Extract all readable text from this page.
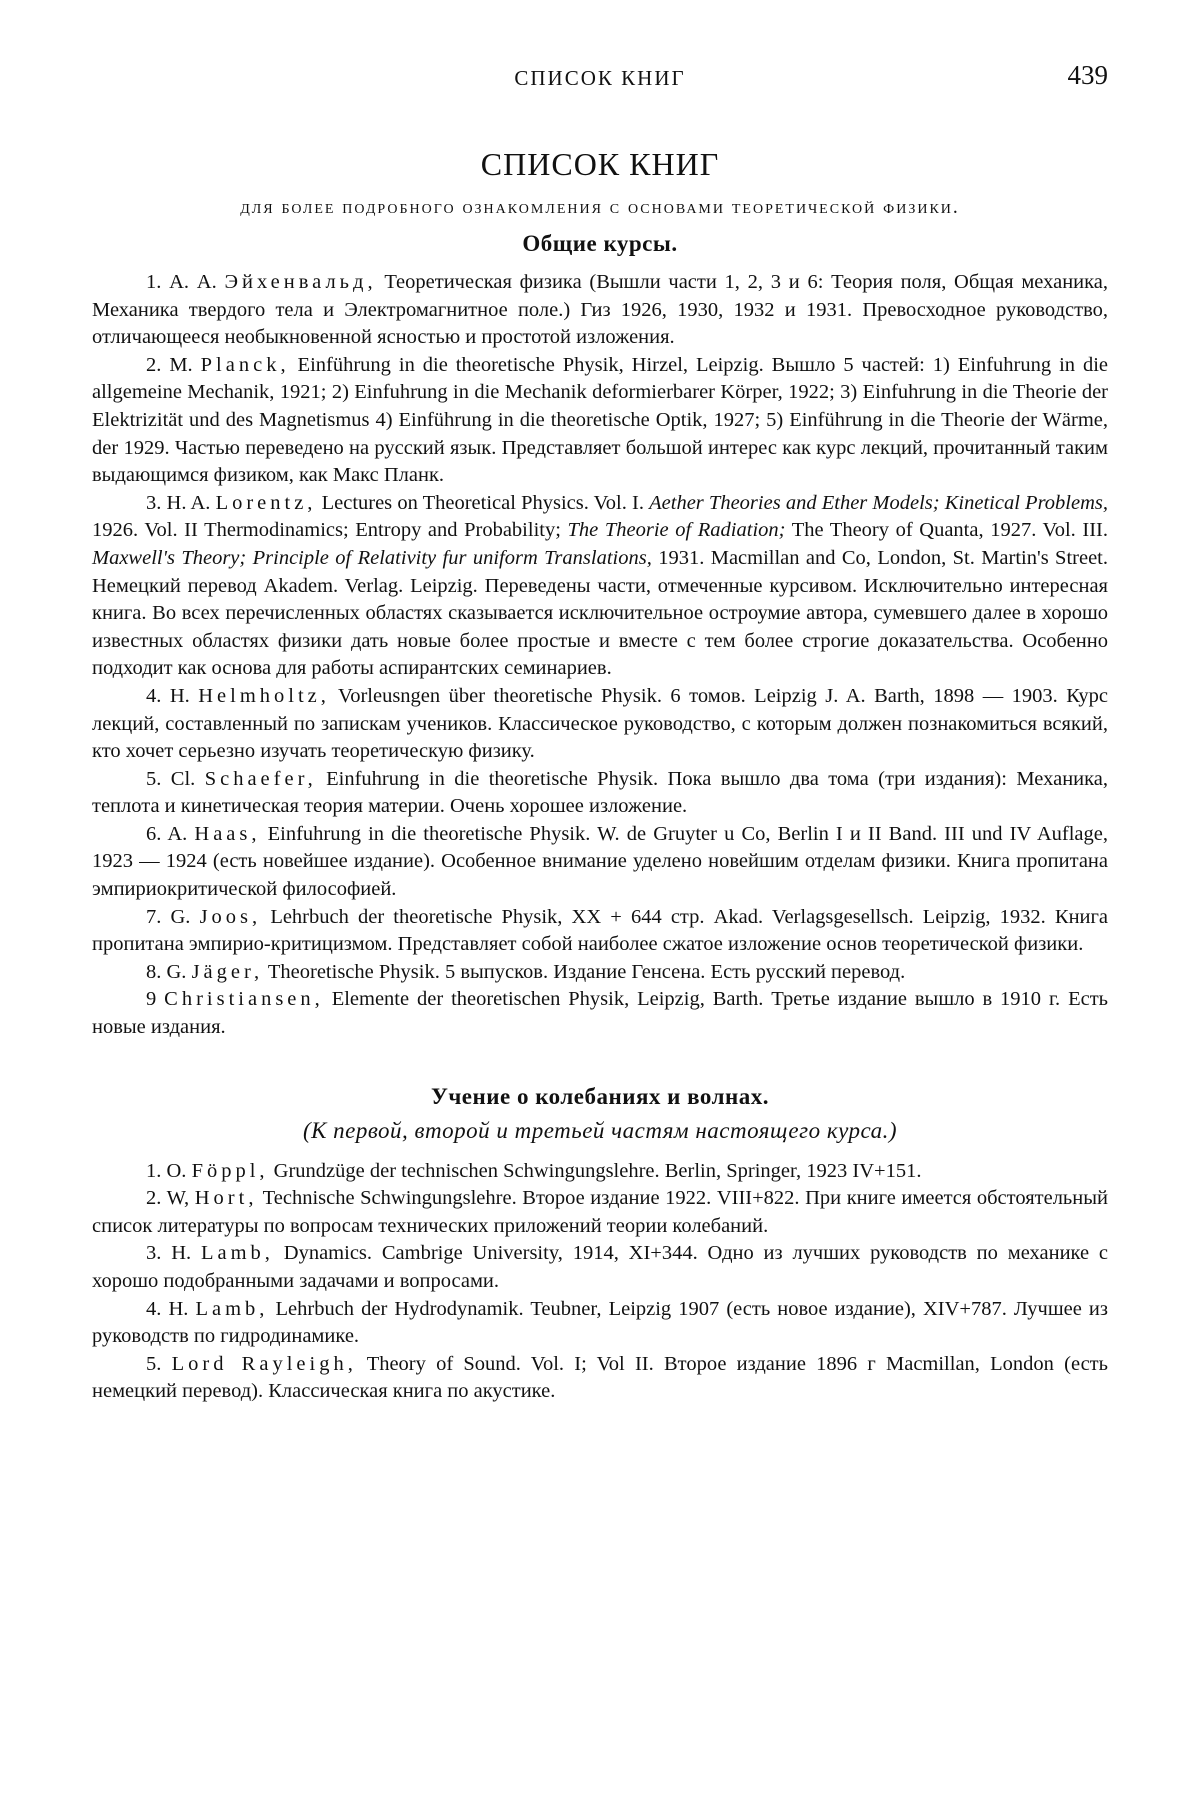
СПИСОК КНИГ	439
СПИСОК КНИГ
для более подробного ознакомления с основами теоретической физики.
Общие курсы.

1. А. А. Эйхенвальд, Теоретическая физика (Вышли части 1, 2, 3 и 6: Теория поля, Общая механика, Механика твердого тела и Электромагнитное поле.) Гиз 1926, 1930, 1932 и 1931. Превосходное руководство, отличающееся необыкновенной ясностью и простотой изложения.

2. М. Planck, Einführung in die theoretische Physik, Hirzel, Leipzig. Вышло 5 частей: 1) Einfuhrung in die allgemeine Mechanik, 1921; 2) Einfuhrung in die Mechanik deformierbarer Körper, 1922; 3) Einfuhrung in die Theorie der Elektrizität und des Magnetismus 4) Einführung in die theoretische Optik, 1927; 5) Einführung in die Theorie der Wärme, der 1929. Частью переведено на русский язык. Представляет большой интерес как курс лекций, прочитанный таким выдающимся физиком, как Макс Планк.

3. H. A. Lorentz, Lectures on Theoretical Physics. Vol. I. Aether Theories and Ether Models; Kinetical Problems, 1926. Vol. II Thermodinamics; Entropy and Probability; The Theorie of Radiation; The Theory of Quanta, 1927. Vol. III. Maxwell's Theory; Principle of Relativity fur uniform Translations, 1931. Macmillan and Co, London, St. Martin's Street. Немецкий перевод Akadem. Verlag. Leipzig. Переведены части, отмеченные курсивом. Исключительно интересная книга. Во всех перечисленных областях сказывается исключительное остроумие автора, сумевшего далее в хорошо известных областях физики дать новые более простые и вместе с тем более строгие доказательства. Особенно подходит как основа для работы аспирантских семинариев.

4. H. Helmholtz, Vorleusngen über theoretische Physik. 6 томов. Leipzig J. A. Barth, 1898 — 1903. Курс лекций, составленный по запискам учеников. Классическое руководство, с которым должен познакомиться всякий, кто хочет серьезно изучать теоретическую физику.

5. Cl. Schaefer, Einfuhrung in die theoretische Physik. Пока вышло два тома (три издания): Механика, теплота и кинетическая теория материи. Очень хорошее изложение.

6. A. Haas, Einfuhrung in die theoretische Physik. W. de Gruyter u Co, Berlin I и II Band. III und IV Auflage, 1923 — 1924 (есть новейшее издание). Особенное внимание уделено новейшим отделам физики. Книга пропитана эмпириокритической философией.

7. G. Joos, Lehrbuch der theoretische Physik, XX + 644 стр. Akad. Verlagsgesellsch. Leipzig, 1932. Книга пропитана эмпирио-критицизмом. Представляет собой наиболее сжатое изложение основ теоретической физики.

8. G. Jäger, Theoretische Physik. 5 выпусков. Издание Генсена. Есть русский перевод.

9 Christiansen, Elemente der theoretischen Physik, Leipzig, Barth. Третье издание вышло в 1910 г. Есть новые издания.

Учение о колебаниях и волнах.
(К первой, второй и третьей частям настоящего курса.)

1. O. Föppl, Grundzüge der technischen Schwingungslehre. Berlin, Springer, 1923 IV+151.

2. W, Hort, Technische Schwingungslehre. Второе издание 1922. VIII+822. При книге имеется обстоятельный список литературы по вопросам технических приложений теории колебаний.

3. H. Lamb, Dynamics. Cambrige University, 1914, XI+344. Одно из лучших руководств по механике с хорошо подобранными задачами и вопросами.

4. H. Lamb, Lehrbuch der Hydrodynamik. Teubner, Leipzig 1907 (есть новое издание), XIV+787. Лучшее из руководств по гидродинамике.

5. Lord Rayleigh, Theory of Sound. Vol. I; Vol II. Второе издание 1896 г Macmillan, London (есть немецкий перевод). Классическая книга по акустике.
